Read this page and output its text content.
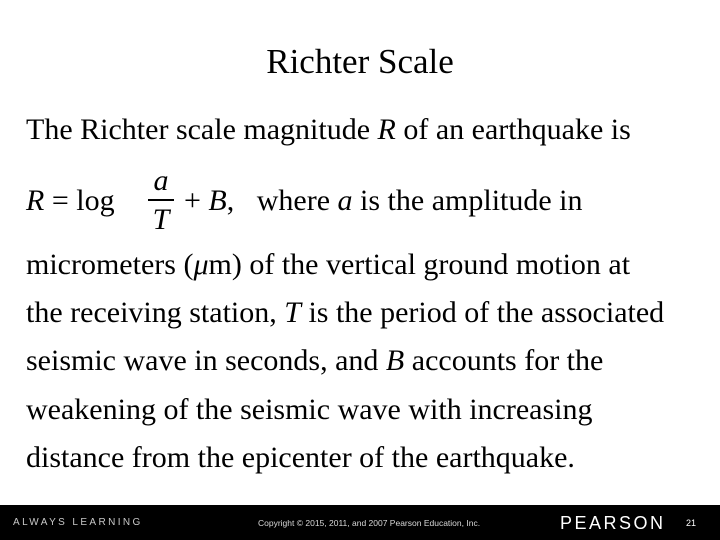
Richter Scale
The Richter scale magnitude R of an earthquake is
R = log
a
T
+ B,   where a is the amplitude in
micrometers (μm) of the vertical ground motion at
the receiving station, T is the period of the associated
seismic wave in seconds, and B accounts for the
weakening of the seismic wave with increasing
distance from the epicenter of the earthquake.
ALWAYS LEARNING	Copyright © 2015, 2011, and 2007 Pearson Education, Inc.	PEARSON 21
